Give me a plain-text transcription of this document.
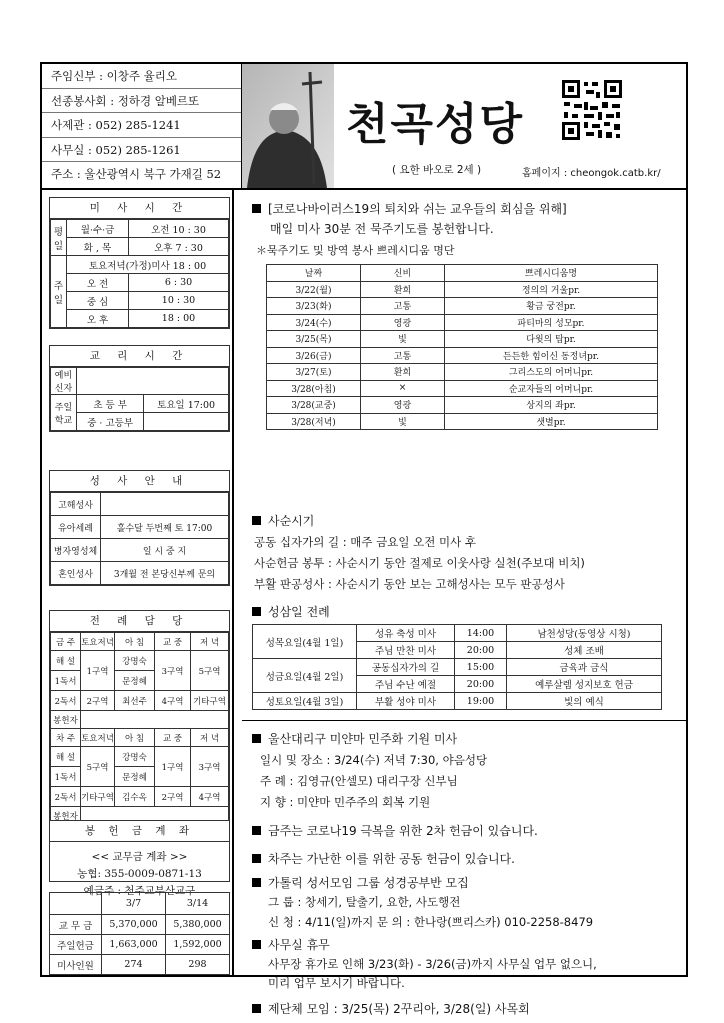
주임신부 : 이창주 율리오
선종봉사회 : 정하경 알베르또
사제관 : 052) 285-1241
사무실 : 052) 285-1261
주소 : 울산광역시 북구 가재길 52
천곡성당
( 요한 바오로 2세 )	홈페이지 : cheongok.catb.kr/
미 사 시 간
평일	월·수·금	오전 10 : 30
	화 , 목	오후 7 : 30
주일	토요저녁(가정)미사 18 : 00	
	오 전	6 : 30
	중 심	10 : 30
	오 후	18 : 00
교 리 시 간
예비신자		
주일학교	초 등 부	토요일 17:00
	중 · 고등부	
성 사 안 내
고해성사	
유아세례	홀수달 두번째 토 17:00
병자영성체	일 시 중 지
혼인성사	3개월 전 본당신부께 문의
전 례 담 당
금 주	토요저녁	아 침	교 중	저 녁
해 설	1구역	강명숙	3구역	5구역
1독서		문정혜		
2독서	2구역	최선주	4구역	기타구역
봉헌자				
차 주	토요저녁	아 침	교 중	저 녁
해 설	5구역	강명숙	1구역	3구역
1독서		문정혜		
2독서	기타구역	김수옥	2구역	4구역
봉헌자				
봉 헌 금 계 좌
<< 교무금 계좌 >>
농협: 355-0009-0871-13
예금주 : 천주교부산교구
	3/7	3/14
교 무 금	5,370,000	5,380,000
주일헌금	1,663,000	1,592,000
미사인원	274	298
[코로나바이러스19의 퇴치와 쉬는 교우들의 회심을 위해]
매일 미사 30분 전 묵주기도를 봉헌합니다.
＊묵주기도 및 방역 봉사 쁘레시디움 명단
날짜	신비	쁘레시디움명
3/22(월)	환희	정의의 거울pr.
3/23(화)	고통	황금 궁전pr.
3/24(수)	영광	파티마의 성모pr.
3/25(목)	빛	다윗의 탑pr.
3/26(금)	고통	든든한 힘이신 동정녀pr.
3/27(토)	환희	그리스도의 어머니pr.
3/28(아침)	×	순교자들의 어머니pr.
3/28(교중)	영광	상지의 좌pr.
3/28(저녁)	빛	샛별pr.
사순시기
공동 십자가의 길 : 매주 금요일 오전 미사 후
사순헌금 봉투 : 사순시기 동안 절제로 이웃사랑 실천(주보대 비치)
부활 판공성사 : 사순시기 동안 보는 고해성사는 모두 판공성사
성삼일 전례
성목요일(4월 1일)	성유 축성 미사	14:00	남천성당(동영상 시청)
	주님 만찬 미사	20:00	성체 조배
성금요일(4월 2일)	공동십자가의 길	15:00	금육과 금식
	주님 수난 예절	20:00	예루살렘 성지보호 헌금
성토요일(4월 3일)	부활 성야 미사	19:00	빛의 예식
울산대리구 미얀마 민주화 기원 미사
일시 및 장소 : 3/24(수) 저녁 7:30, 야음성당
주 례 : 김영규(안셀모) 대리구장 신부님
지 향 : 미얀마 민주주의 회복 기원
금주는 코로나19 극복을 위한 2차 헌금이 있습니다.
차주는 가난한 이를 위한 공동 헌금이 있습니다.
가톨릭 성서모임 그룹 성경공부반 모집
그 룹 : 창세기, 탈출기, 요한, 사도행전
신 청 : 4/11(일)까지 문 의 : 한나랑(쁘리스카) 010-2258-8479
사무실 휴무
사무장 휴가로 인해 3/23(화) - 3/26(금)까지 사무실 업무 없으니,
미리 업무 보시기 바랍니다.
제단체 모임 : 3/25(목) 2꾸리아, 3/28(일) 사목회
